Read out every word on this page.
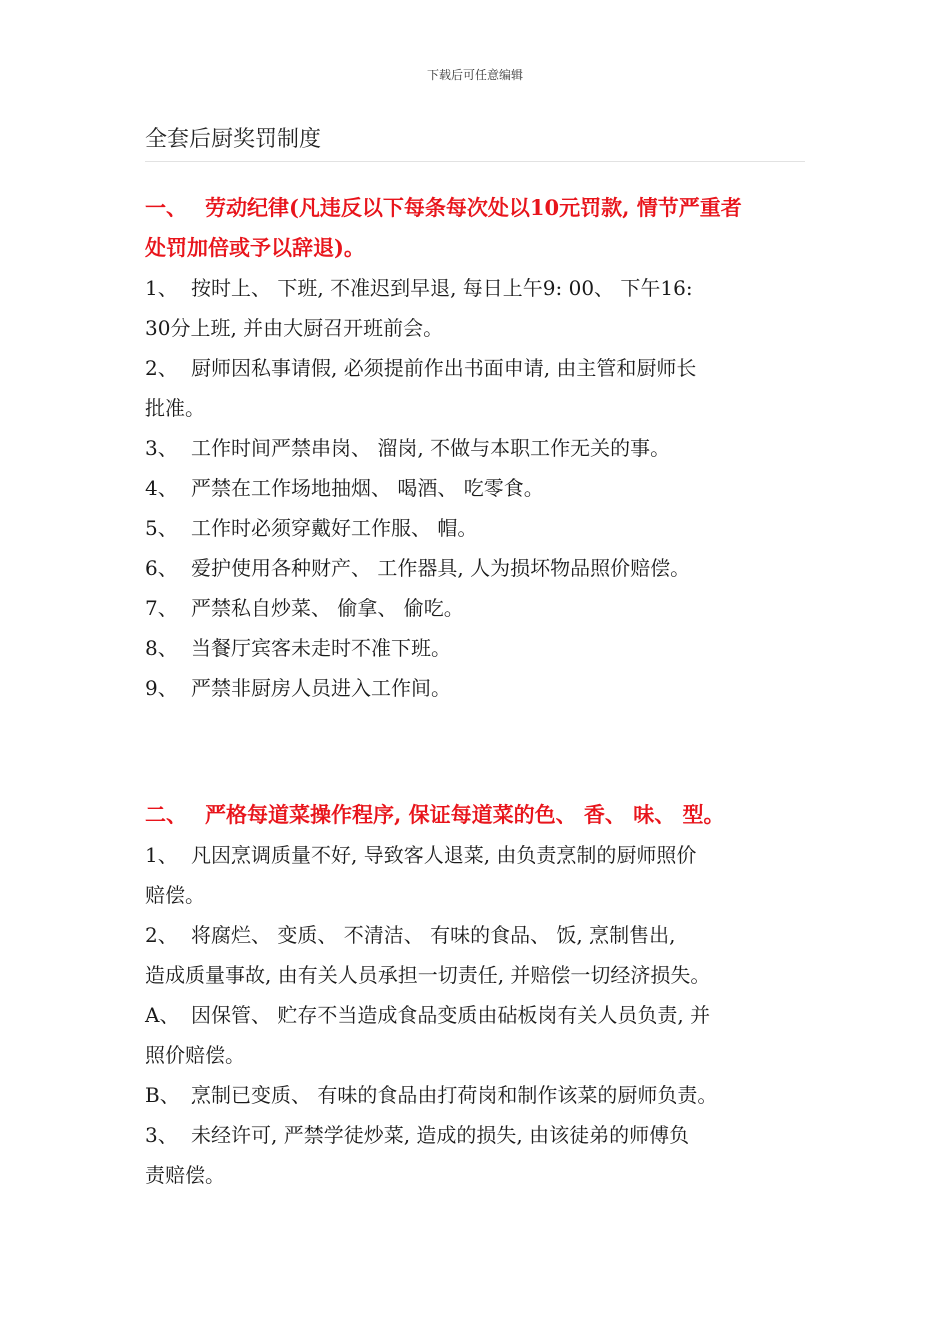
下载后可任意编辑
全套后厨奖罚制度

一、 劳动纪律(凡违反以下每条每次处以10元罚款, 情节严重者
处罚加倍或予以辞退)。

1、 按时上、 下班, 不准迟到早退, 每日上午9: 00、 下午16:
30分上班, 并由大厨召开班前会。

2、 厨师因私事请假, 必须提前作出书面申请, 由主管和厨师长
批准。

3、 工作时间严禁串岗、 溜岗, 不做与本职工作无关的事。

4、 严禁在工作场地抽烟、 喝酒、 吃零食。

5、 工作时必须穿戴好工作服、 帽。

6、 爱护使用各种财产、 工作器具, 人为损坏物品照价赔偿。

7、 严禁私自炒菜、 偷拿、 偷吃。

8、 当餐厅宾客未走时不准下班。

9、 严禁非厨房人员进入工作间。

二、 严格每道菜操作程序, 保证每道菜的色、 香、 味、 型。

1、 凡因烹调质量不好, 导致客人退菜, 由负责烹制的厨师照价
赔偿。

2、 将腐烂、 变质、 不清洁、 有味的食品、 饭, 烹制售出,
造成质量事故, 由有关人员承担一切责任, 并赔偿一切经济损失。

A、 因保管、 贮存不当造成食品变质由砧板岗有关人员负责, 并
照价赔偿。

B、 烹制已变质、 有味的食品由打荷岗和制作该菜的厨师负责。

3、 未经许可, 严禁学徒炒菜, 造成的损失, 由该徒弟的师傅负
责赔偿。
